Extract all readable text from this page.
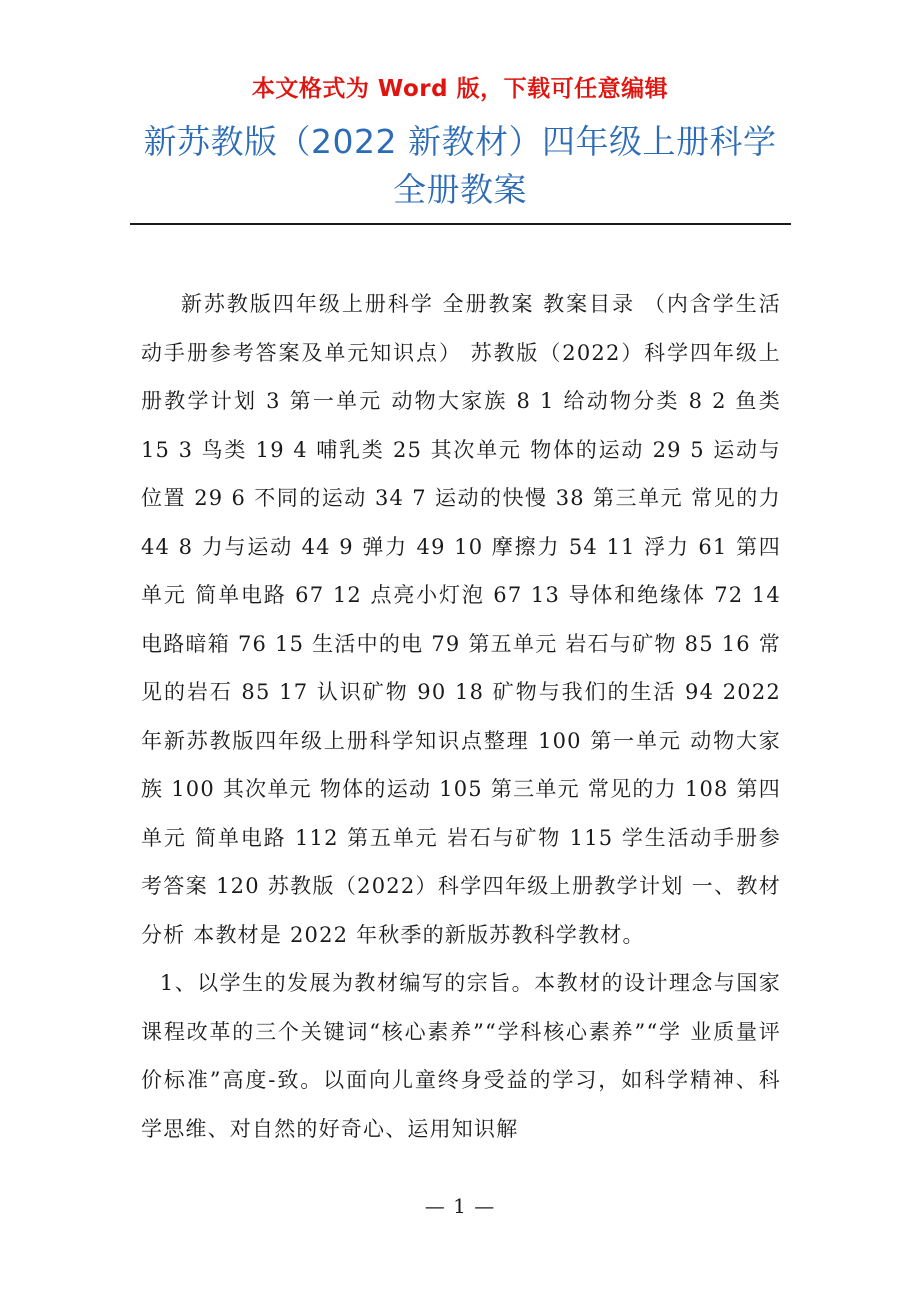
本文格式为 Word 版，下载可任意编辑
新苏教版（2022 新教材）四年级上册科学全册教案

新苏教版四年级上册科学 全册教案 教案目录 （内含学生活动手册参考答案及单元知识点） 苏教版（2022）科学四年级上册教学计划 3 第一单元 动物大家族 8 1 给动物分类 8 2 鱼类 15 3 鸟类 19 4 哺乳类 25 其次单元 物体的运动 29 5 运动与位置 29 6 不同的运动 34 7 运动的快慢 38 第三单元 常见的力 44 8 力与运动 44 9 弹力 49 10 摩擦力 54 11 浮力 61 第四单元 简单电路 67 12 点亮小灯泡 67 13 导体和绝缘体 72 14 电路暗箱 76 15 生活中的电 79 第五单元 岩石与矿物 85 16 常见的岩石 85 17 认识矿物 90 18 矿物与我们的生活 94 2022 年新苏教版四年级上册科学知识点整理 100 第一单元 动物大家族 100 其次单元 物体的运动 105 第三单元 常见的力 108 第四单元 简单电路 112 第五单元 岩石与矿物 115 学生活动手册参考答案 120 苏教版（2022）科学四年级上册教学计划 一、教材分析 本教材是 2022 年秋季的新版苏教科学教材。

1、以学生的发展为教材编写的宗旨。本教材的设计理念与国家课程改革的三个关键词“核心素养”“学科核心素养”“学 业质量评价标准”高度-致。以面向儿童终身受益的学习，如科学精神、科学思维、对自然的好奇心、运用知识解

— 1 —
